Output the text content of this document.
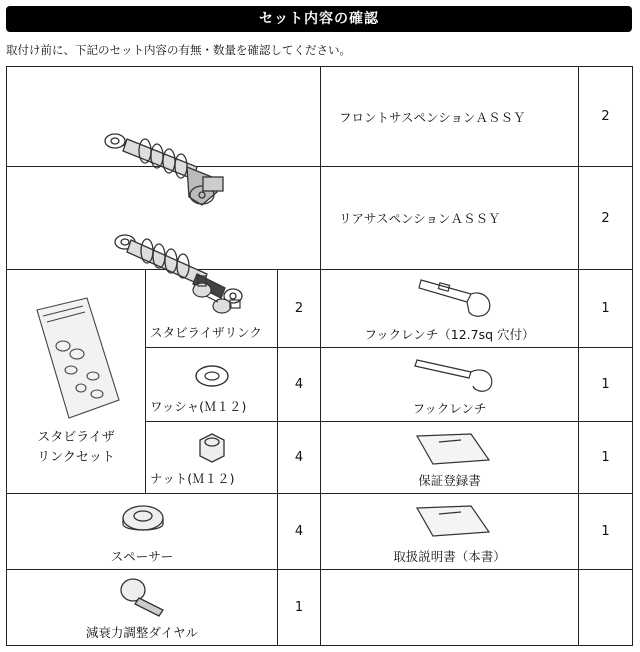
セット内容の確認
取付け前に、下記のセット内容の有無・数量を確認してください。
	フロントサスペンションＡＳＳＹ	2

	リアサスペンションＡＳＳＹ	2

スタビライザ
リンクセット	スタビライザリンク	2	フックレンチ（12.7sq 穴付）	1

	ワッシャ(Ｍ１２)	4	フックレンチ	1

	ナット(Ｍ１２)	4	保証登録書	1

スペーサー		4	取扱説明書（本書）	1

減衰力調整ダイヤル		1		
